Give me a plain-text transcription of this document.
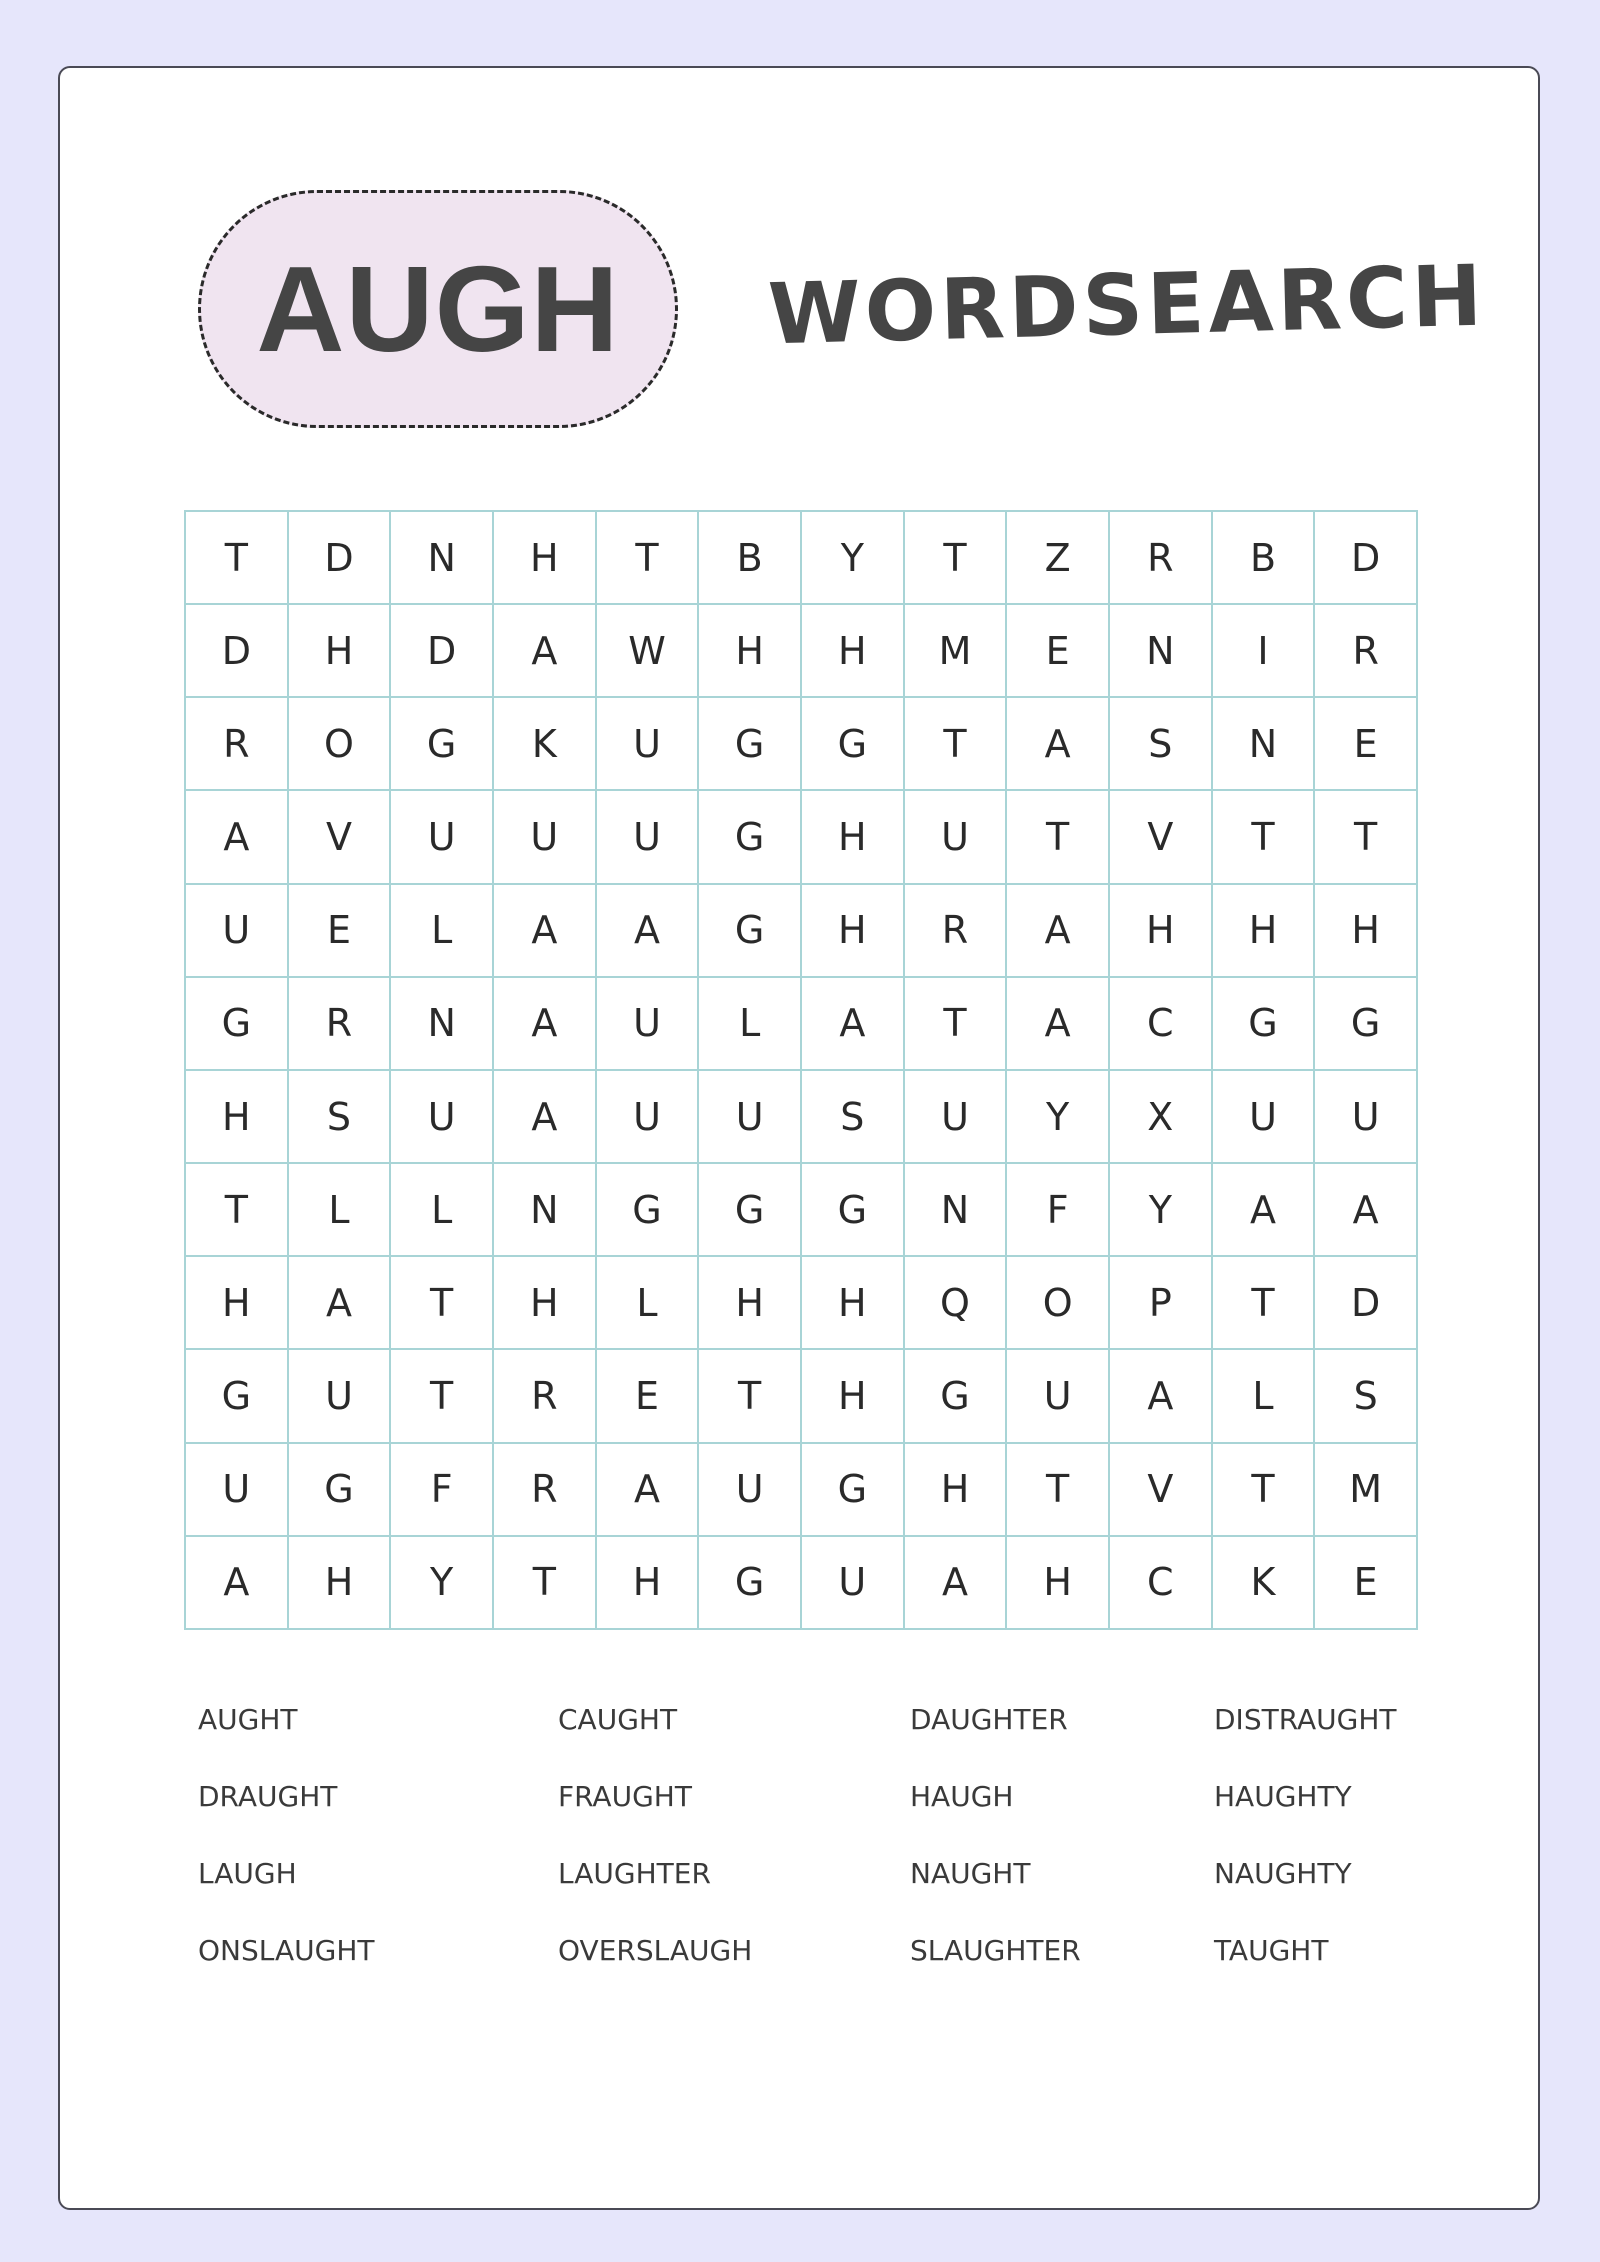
AUGH WORDSEARCH
T	D	N	H	T	B	Y	T	Z	R	B	D
D	H	D	A	W	H	H	M	E	N	I	R
R	O	G	K	U	G	G	T	A	S	N	E
A	V	U	U	U	G	H	U	T	V	T	T
U	E	L	A	A	G	H	R	A	H	H	H
G	R	N	A	U	L	A	T	A	C	G	G
H	S	U	A	U	U	S	U	Y	X	U	U
T	L	L	N	G	G	G	N	F	Y	A	A
H	A	T	H	L	H	H	Q	O	P	T	D
G	U	T	R	E	T	H	G	U	A	L	S
U	G	F	R	A	U	G	H	T	V	T	M
A	H	Y	T	H	G	U	A	H	C	K	E
AUGHT	CAUGHT	DAUGHTER	DISTRAUGHT
DRAUGHT	FRAUGHT	HAUGH	HAUGHTY
LAUGH	LAUGHTER	NAUGHT	NAUGHTY
ONSLAUGHT	OVERSLAUGH	SLAUGHTER	TAUGHT
